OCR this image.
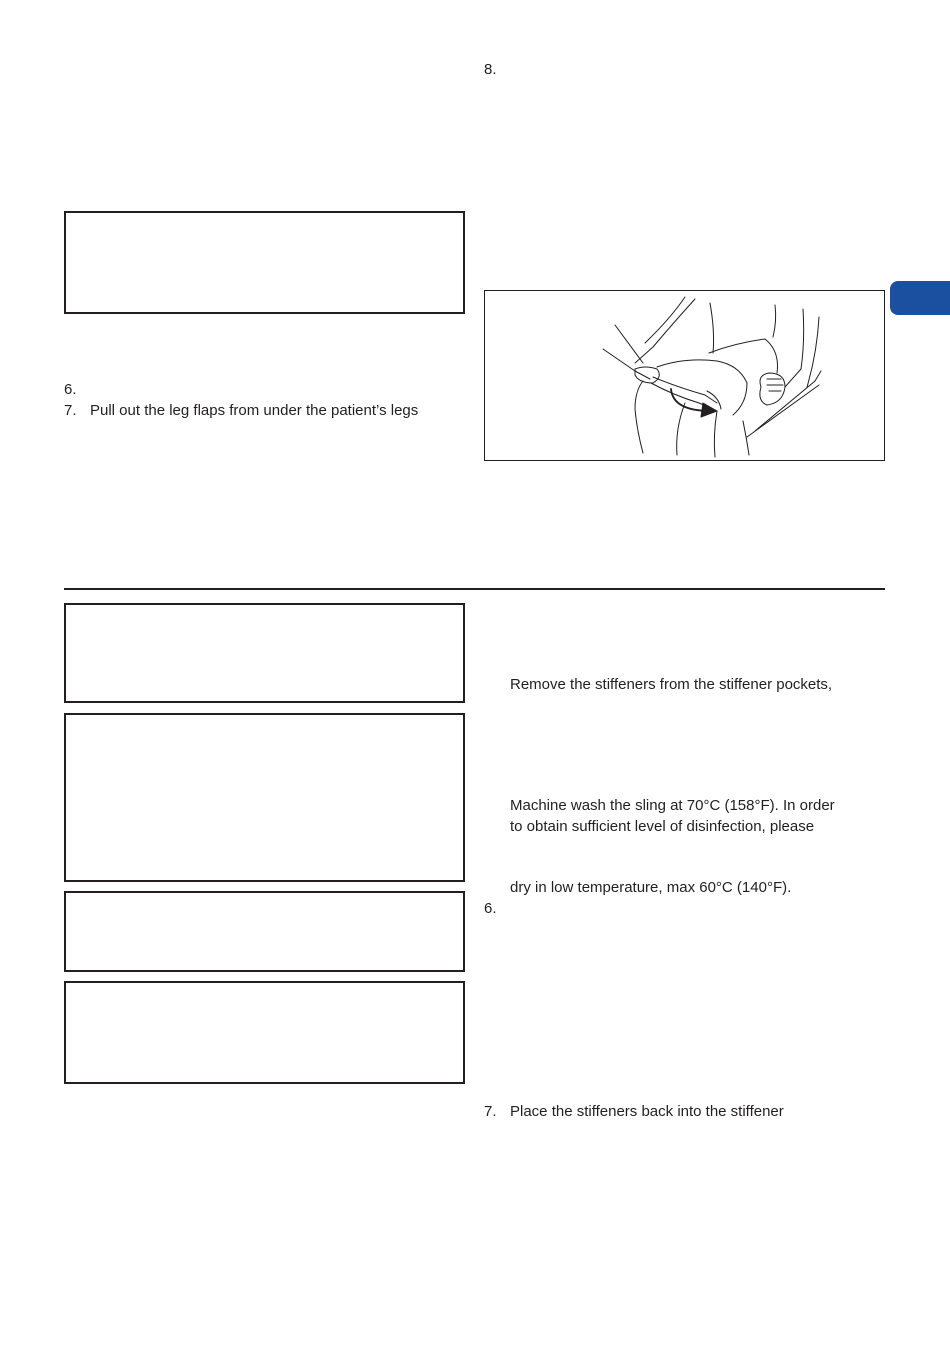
6.
7. Pull out the leg flaps from under the patient’s legs
8.
Remove the stiffeners from the stiffener pockets,
Machine wash the sling at 70°C (158°F). In order
to obtain sufficient level of disinfection, please
dry in low temperature, max 60°C (140°F).
6.
7. Place the stiffeners back into the stiffener
